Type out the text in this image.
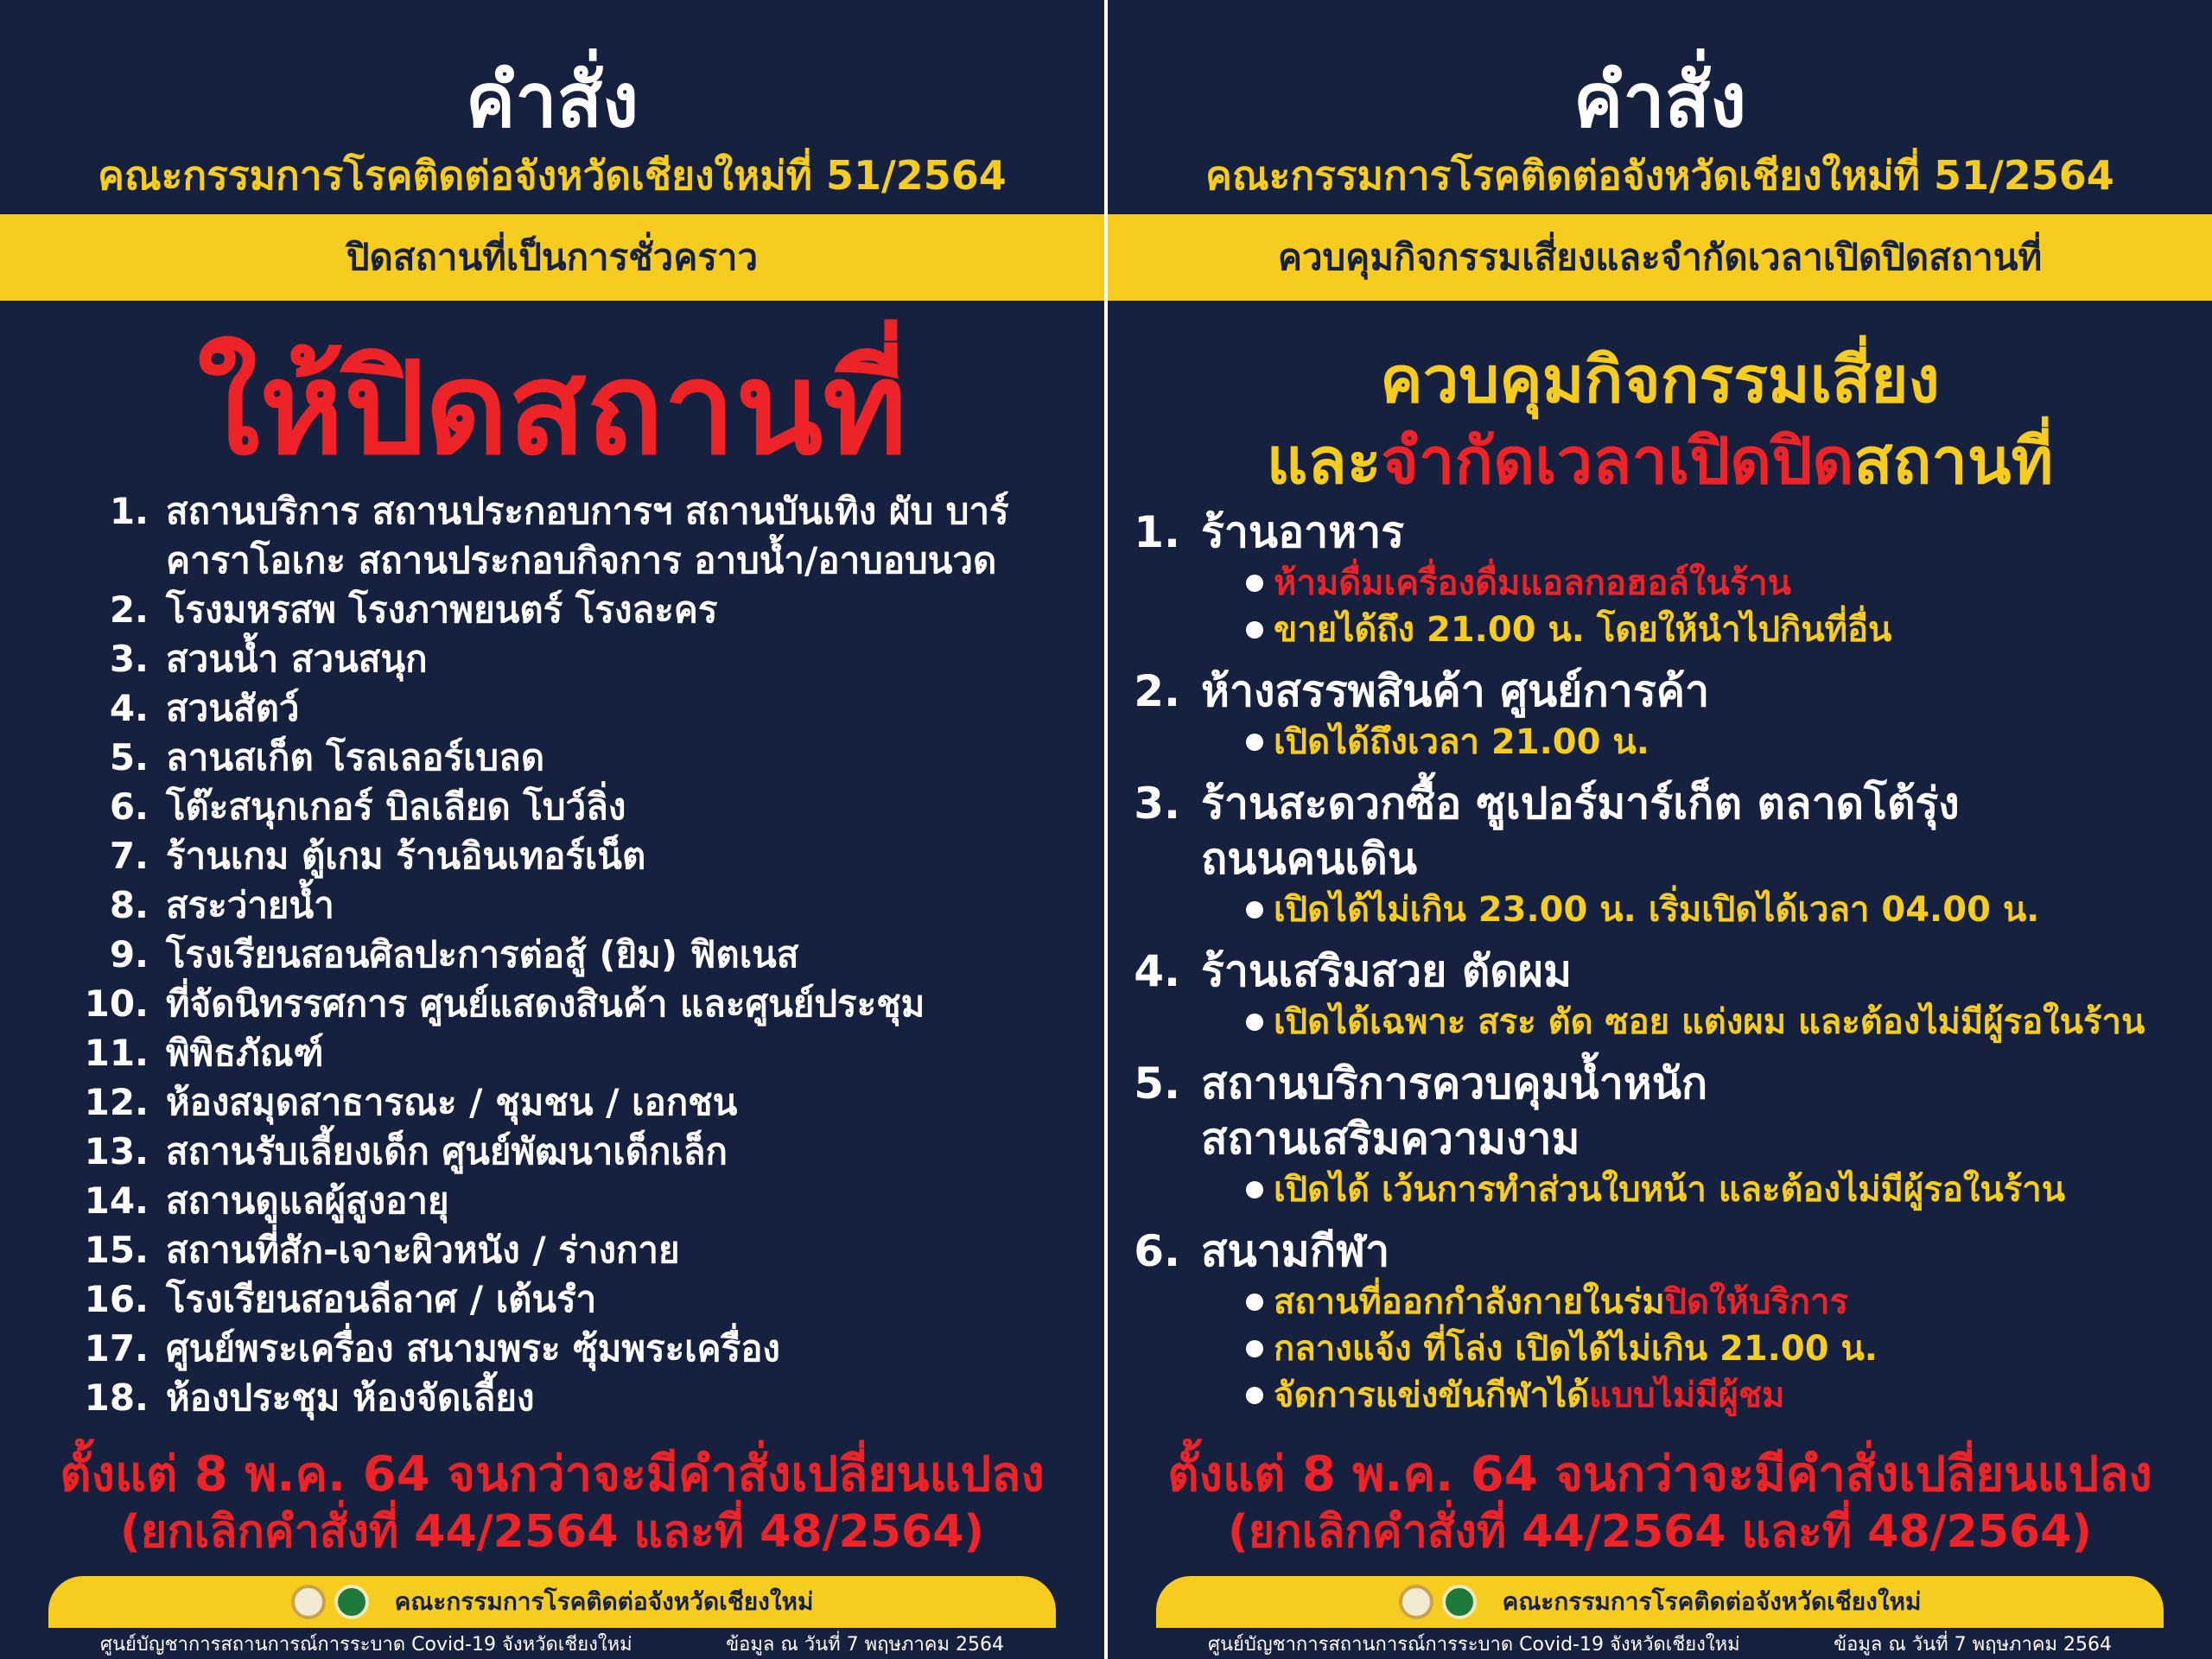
คำสั่ง
คณะกรรมการโรคติดต่อจังหวัดเชียงใหม่ที่ 51/2564
ปิดสถานที่เป็นการชั่วคราว
ให้ปิดสถานที่
1. สถานบริการ สถานประกอบการฯ สถานบันเทิง ผับ บาร์
คาราโอเกะ สถานประกอบกิจการ อาบน้ำ/อาบอบนวด
2. โรงมหรสพ โรงภาพยนตร์ โรงละคร
3. สวนน้ำ สวนสนุก
4. สวนสัตว์
5. ลานสเก็ต โรลเลอร์เบลด
6. โต๊ะสนุกเกอร์ บิลเลียด โบว์ลิ่ง
7. ร้านเกม ตู้เกม ร้านอินเทอร์เน็ต
8. สระว่ายน้ำ
9. โรงเรียนสอนศิลปะการต่อสู้ (ยิม) ฟิตเนส
10. ที่จัดนิทรรศการ ศูนย์แสดงสินค้า และศูนย์ประชุม
11. พิพิธภัณฑ์
12. ห้องสมุดสาธารณะ / ชุมชน / เอกชน
13. สถานรับเลี้ยงเด็ก ศูนย์พัฒนาเด็กเล็ก
14. สถานดูแลผู้สูงอายุ
15. สถานที่สัก-เจาะผิวหนัง / ร่างกาย
16. โรงเรียนสอนลีลาศ / เต้นรำ
17. ศูนย์พระเครื่อง สนามพระ ซุ้มพระเครื่อง
18. ห้องประชุม ห้องจัดเลี้ยง
ตั้งแต่ 8 พ.ค. 64 จนกว่าจะมีคำสั่งเปลี่ยนแปลง
(ยกเลิกคำสั่งที่ 44/2564 และที่ 48/2564)
คณะกรรมการโรคติดต่อจังหวัดเชียงใหม่
ศูนย์บัญชาการสถานการณ์การระบาด Covid-19 จังหวัดเชียงใหม่	ข้อมูล ณ วันที่ 7 พฤษภาคม 2564
คำสั่ง
คณะกรรมการโรคติดต่อจังหวัดเชียงใหม่ที่ 51/2564
ควบคุมกิจกรรมเสี่ยงและจำกัดเวลาเปิดปิดสถานที่
ควบคุมกิจกรรมเสี่ยง
และจำกัดเวลาเปิดปิดสถานที่
1. ร้านอาหาร
ห้ามดื่มเครื่องดื่มแอลกอฮอล์ในร้าน
ขายได้ถึง 21.00 น. โดยให้นำไปกินที่อื่น
2. ห้างสรรพสินค้า ศูนย์การค้า
เปิดได้ถึงเวลา 21.00 น.
3. ร้านสะดวกซื้อ ซูเปอร์มาร์เก็ต ตลาดโต้รุ่ง
ถนนคนเดิน
เปิดได้ไม่เกิน 23.00 น. เริ่มเปิดได้เวลา 04.00 น.
4. ร้านเสริมสวย ตัดผม
เปิดได้เฉพาะ สระ ตัด ซอย แต่งผม และต้องไม่มีผู้รอในร้าน
5. สถานบริการควบคุมน้ำหนัก
สถานเสริมความงาม
เปิดได้ เว้นการทำส่วนใบหน้า และต้องไม่มีผู้รอในร้าน
6. สนามกีฬา
สถานที่ออกกำลังกายในร่ม ปิดให้บริการ
กลางแจ้ง ที่โล่ง เปิดได้ไม่เกิน 21.00 น.
จัดการแข่งขันกีฬาได้ แบบไม่มีผู้ชม
ตั้งแต่ 8 พ.ค. 64 จนกว่าจะมีคำสั่งเปลี่ยนแปลง
(ยกเลิกคำสั่งที่ 44/2564 และที่ 48/2564)
คณะกรรมการโรคติดต่อจังหวัดเชียงใหม่
ศูนย์บัญชาการสถานการณ์การระบาด Covid-19 จังหวัดเชียงใหม่	ข้อมูล ณ วันที่ 7 พฤษภาคม 2564
